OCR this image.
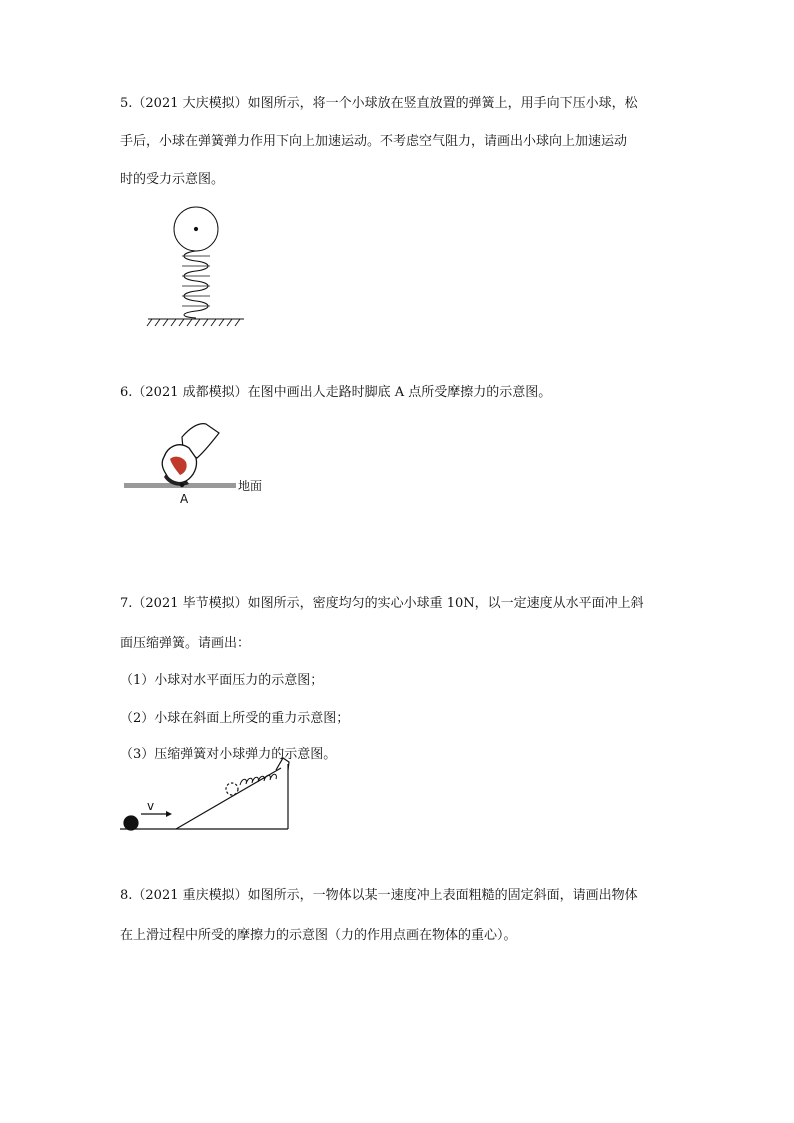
5.（2021 大庆模拟）如图所示，将一个小球放在竖直放置的弹簧上，用手向下压小球，松
手后，小球在弹簧弹力作用下向上加速运动。不考虑空气阻力，请画出小球向上加速运动
时的受力示意图。
6.（2021 成都模拟）在图中画出人走路时脚底 A 点所受摩擦力的示意图。
7.（2021 毕节模拟）如图所示，密度均匀的实心小球重 10N，以一定速度从水平面冲上斜
面压缩弹簧。请画出：
（1）小球对水平面压力的示意图；
（2）小球在斜面上所受的重力示意图；
（3）压缩弹簧对小球弹力的示意图。
8.（2021 重庆模拟）如图所示，一物体以某一速度冲上表面粗糙的固定斜面，请画出物体
在上滑过程中所受的摩擦力的示意图（力的作用点画在物体的重心）。
地面
A
v
